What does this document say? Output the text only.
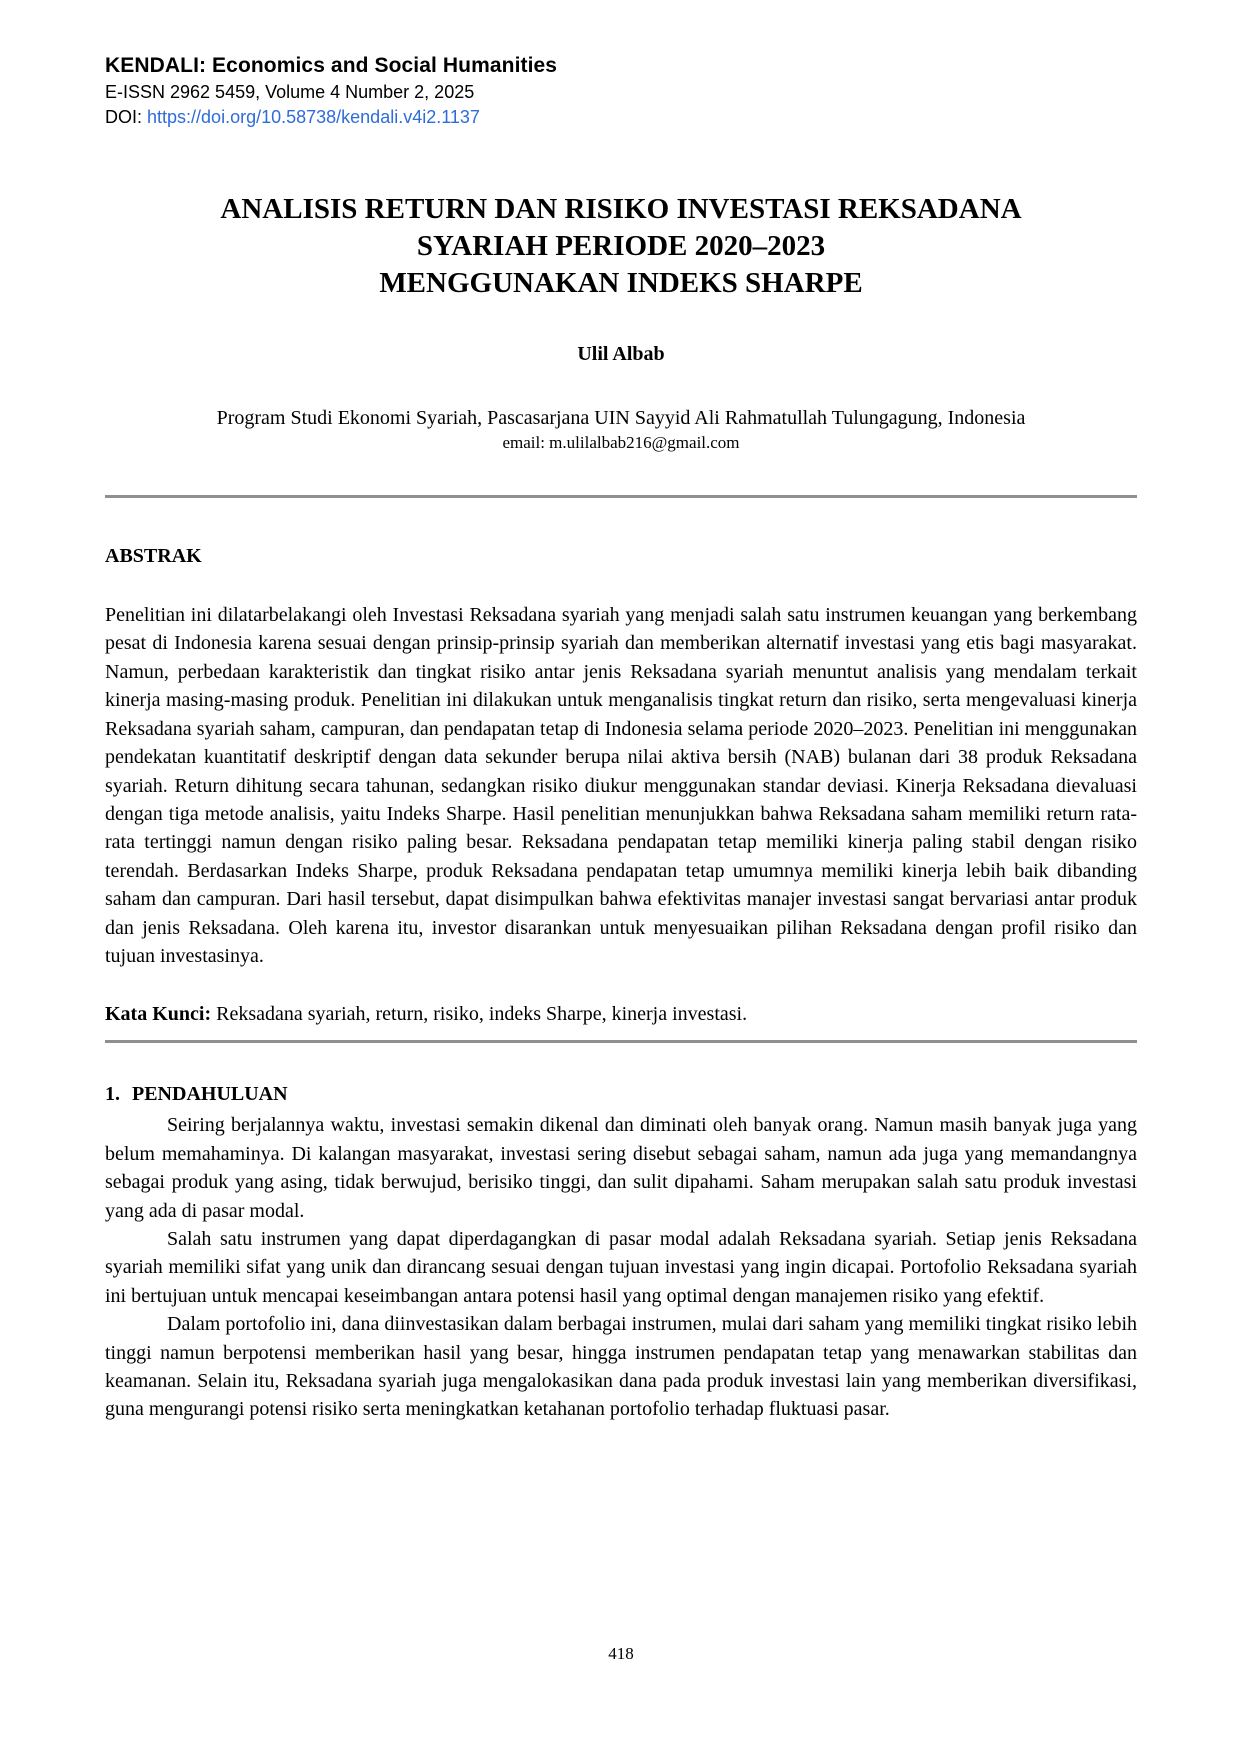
KENDALI: Economics and Social Humanities
E-ISSN 2962 5459, Volume 4 Number 2, 2025
DOI: https://doi.org/10.58738/kendali.v4i2.1137
ANALISIS RETURN DAN RISIKO INVESTASI REKSADANA
SYARIAH PERIODE 2020–2023
MENGGUNAKAN INDEKS SHARPE
Ulil Albab
Program Studi Ekonomi Syariah, Pascasarjana UIN Sayyid Ali Rahmatullah Tulungagung, Indonesia
email: m.ulilalbab216@gmail.com
ABSTRAK

Penelitian ini dilatarbelakangi oleh Investasi Reksadana syariah yang menjadi salah satu instrumen keuangan yang berkembang pesat di Indonesia karena sesuai dengan prinsip-prinsip syariah dan memberikan alternatif investasi yang etis bagi masyarakat. Namun, perbedaan karakteristik dan tingkat risiko antar jenis Reksadana syariah menuntut analisis yang mendalam terkait kinerja masing-masing produk. Penelitian ini dilakukan untuk menganalisis tingkat return dan risiko, serta mengevaluasi kinerja Reksadana syariah saham, campuran, dan pendapatan tetap di Indonesia selama periode 2020–2023. Penelitian ini menggunakan pendekatan kuantitatif deskriptif dengan data sekunder berupa nilai aktiva bersih (NAB) bulanan dari 38 produk Reksadana syariah. Return dihitung secara tahunan, sedangkan risiko diukur menggunakan standar deviasi. Kinerja Reksadana dievaluasi dengan tiga metode analisis, yaitu Indeks Sharpe. Hasil penelitian menunjukkan bahwa Reksadana saham memiliki return rata-rata tertinggi namun dengan risiko paling besar. Reksadana pendapatan tetap memiliki kinerja paling stabil dengan risiko terendah. Berdasarkan Indeks Sharpe, produk Reksadana pendapatan tetap umumnya memiliki kinerja lebih baik dibanding saham dan campuran. Dari hasil tersebut, dapat disimpulkan bahwa efektivitas manajer investasi sangat bervariasi antar produk dan jenis Reksadana. Oleh karena itu, investor disarankan untuk menyesuaikan pilihan Reksadana dengan profil risiko dan tujuan investasinya.

Kata Kunci: Reksadana syariah, return, risiko, indeks Sharpe, kinerja investasi.

1. PENDAHULUAN

Seiring berjalannya waktu, investasi semakin dikenal dan diminati oleh banyak orang. Namun masih banyak juga yang belum memahaminya. Di kalangan masyarakat, investasi sering disebut sebagai saham, namun ada juga yang memandangnya sebagai produk yang asing, tidak berwujud, berisiko tinggi, dan sulit dipahami. Saham merupakan salah satu produk investasi yang ada di pasar modal.

Salah satu instrumen yang dapat diperdagangkan di pasar modal adalah Reksadana syariah. Setiap jenis Reksadana syariah memiliki sifat yang unik dan dirancang sesuai dengan tujuan investasi yang ingin dicapai. Portofolio Reksadana syariah ini bertujuan untuk mencapai keseimbangan antara potensi hasil yang optimal dengan manajemen risiko yang efektif.

Dalam portofolio ini, dana diinvestasikan dalam berbagai instrumen, mulai dari saham yang memiliki tingkat risiko lebih tinggi namun berpotensi memberikan hasil yang besar, hingga instrumen pendapatan tetap yang menawarkan stabilitas dan keamanan. Selain itu, Reksadana syariah juga mengalokasikan dana pada produk investasi lain yang memberikan diversifikasi, guna mengurangi potensi risiko serta meningkatkan ketahanan portofolio terhadap fluktuasi pasar.

418
